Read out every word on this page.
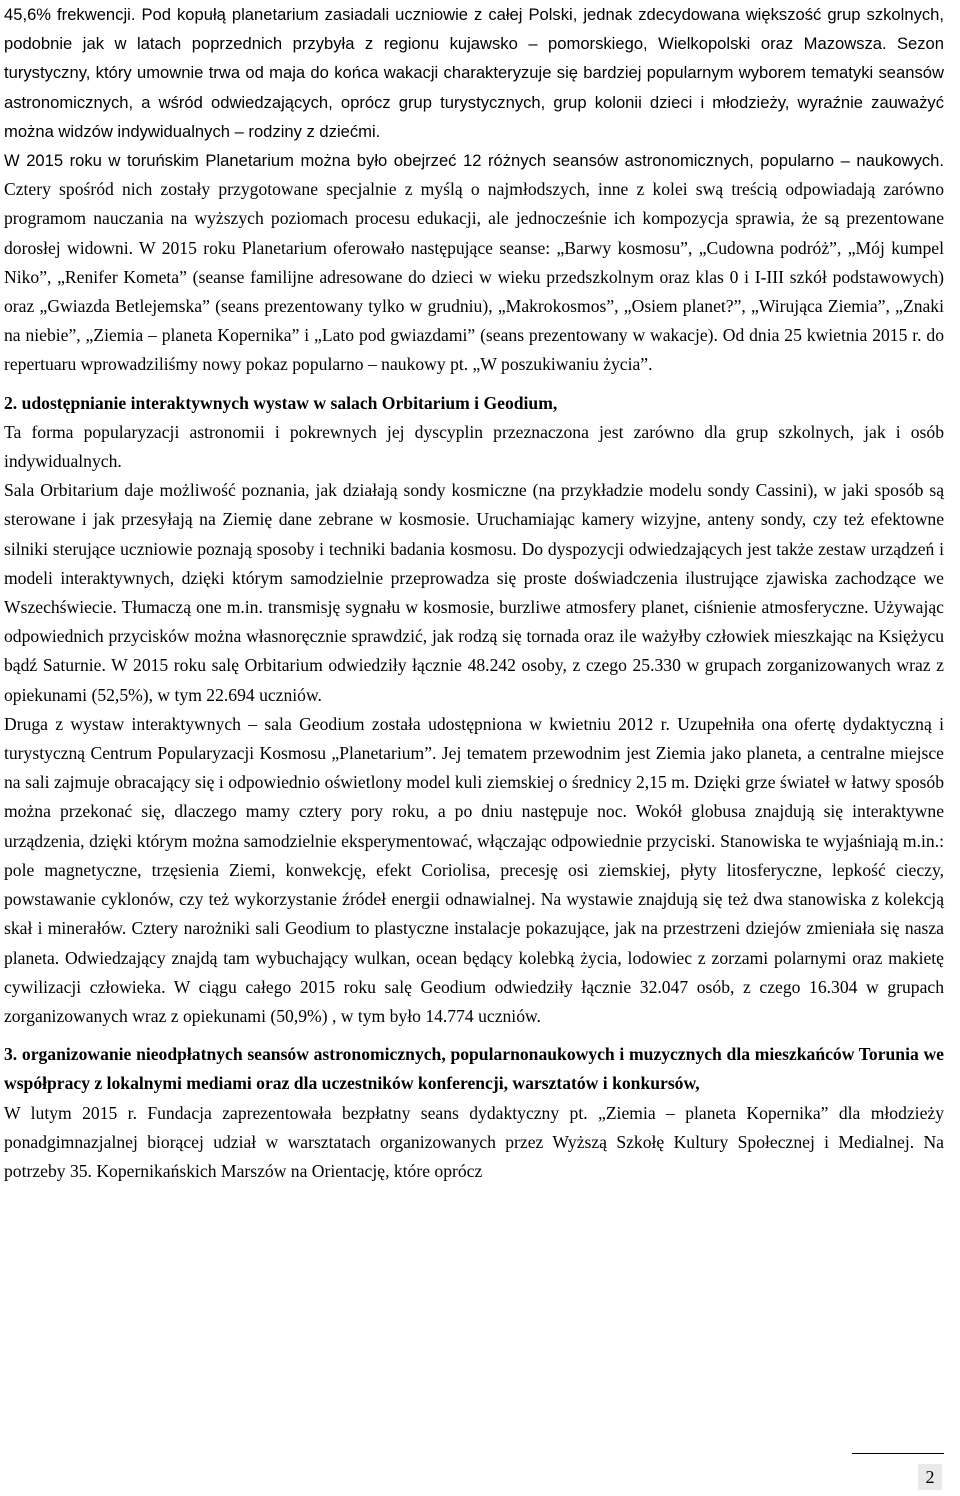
45,6% frekwencji. Pod kopułą planetarium zasiadali uczniowie z całej Polski, jednak zdecydowana większość grup szkolnych, podobnie jak w latach poprzednich przybyła z regionu kujawsko – pomorskiego, Wielkopolski oraz Mazowsza. Sezon turystyczny, który umownie trwa od maja do końca wakacji charakteryzuje się bardziej popularnym wyborem tematyki seansów astronomicznych, a wśród odwiedzających, oprócz grup turystycznych, grup kolonii dzieci i młodzieży, wyraźnie zauważyć można widzów indywidualnych – rodziny z dziećmi.

W 2015 roku w toruńskim Planetarium można było obejrzeć 12 różnych seansów astronomicznych, popularno – naukowych. Cztery spośród nich zostały przygotowane specjalnie z myślą o najmłodszych, inne z kolei swą treścią odpowiadają zarówno programom nauczania na wyższych poziomach procesu edukacji, ale jednocześnie ich kompozycja sprawia, że są prezentowane dorosłej widowni. W 2015 roku Planetarium oferowało następujące seanse: „Barwy kosmosu”, „Cudowna podróż”, „Mój kumpel Niko”, „Renifer Kometa” (seanse familijne adresowane do dzieci w wieku przedszkolnym oraz klas 0 i I-III szkół podstawowych) oraz „Gwiazda Betlejemska” (seans prezentowany tylko w grudniu), „Makrokosmos”, „Osiem planet?”, „Wirująca Ziemia”, „Znaki na niebie”, „Ziemia – planeta Kopernika” i „Lato pod gwiazdami” (seans prezentowany w wakacje). Od dnia 25 kwietnia 2015 r. do repertuaru wprowadziliśmy nowy pokaz popularno – naukowy pt. „W poszukiwaniu życia”.

2. udostępnianie interaktywnych wystaw w salach Orbitarium i Geodium,

Ta forma popularyzacji astronomii i pokrewnych jej dyscyplin przeznaczona jest zarówno dla grup szkolnych, jak i osób indywidualnych.

Sala Orbitarium daje możliwość poznania, jak działają sondy kosmiczne (na przykładzie modelu sondy Cassini), w jaki sposób są sterowane i jak przesyłają na Ziemię dane zebrane w kosmosie. Uruchamiając kamery wizyjne, anteny sondy, czy też efektowne silniki sterujące uczniowie poznają sposoby i techniki badania kosmosu. Do dyspozycji odwiedzających jest także zestaw urządzeń i modeli interaktywnych, dzięki którym samodzielnie przeprowadza się proste doświadczenia ilustrujące zjawiska zachodzące we Wszechświecie. Tłumaczą one m.in. transmisję sygnału w kosmosie, burzliwe atmosfery planet, ciśnienie atmosferyczne. Używając odpowiednich przycisków można własnoręcznie sprawdzić, jak rodzą się tornada oraz ile ważyłby człowiek mieszkając na Księżycu bądź Saturnie. W 2015 roku salę Orbitarium odwiedziły łącznie 48.242 osoby, z czego 25.330 w grupach zorganizowanych wraz z opiekunami (52,5%), w tym 22.694 uczniów.

Druga z wystaw interaktywnych – sala Geodium została udostępniona w kwietniu 2012 r. Uzupełniła ona ofertę dydaktyczną i turystyczną Centrum Popularyzacji Kosmosu „Planetarium”. Jej tematem przewodnim jest Ziemia jako planeta, a centralne miejsce na sali zajmuje obracający się i odpowiednio oświetlony model kuli ziemskiej o średnicy 2,15 m. Dzięki grze świateł w łatwy sposób można przekonać się, dlaczego mamy cztery pory roku, a po dniu następuje noc. Wokół globusa znajdują się interaktywne urządzenia, dzięki którym można samodzielnie eksperymentować, włączając odpowiednie przyciski. Stanowiska te wyjaśniają m.in.: pole magnetyczne, trzęsienia Ziemi, konwekcję, efekt Coriolisa, precesję osi ziemskiej, płyty litosferyczne, lepkość cieczy, powstawanie cyklonów, czy też wykorzystanie źródeł energii odnawialnej. Na wystawie znajdują się też dwa stanowiska z kolekcją skał i minerałów. Cztery narożniki sali Geodium to plastyczne instalacje pokazujące, jak na przestrzeni dziejów zmieniała się nasza planeta. Odwiedzający znajdą tam wybuchający wulkan, ocean będący kolebką życia, lodowiec z zorzami polarnymi oraz makietę cywilizacji człowieka. W ciągu całego 2015 roku salę Geodium odwiedziły łącznie 32.047 osób, z czego 16.304 w grupach zorganizowanych wraz z opiekunami (50,9%) , w tym było 14.774 uczniów.

3. organizowanie nieodpłatnych seansów astronomicznych, popularnonaukowych i muzycznych dla mieszkańców Torunia we współpracy z lokalnymi mediami oraz dla uczestników konferencji, warsztatów i konkursów,

W lutym 2015 r. Fundacja zaprezentowała bezpłatny seans dydaktyczny pt. „Ziemia – planeta Kopernika” dla młodzieży ponadgimnazjalnej biorącej udział w warsztatach organizowanych przez Wyższą Szkołę Kultury Społecznej i Medialnej. Na potrzeby 35. Kopernikańskich Marszów na Orientację, które oprócz

2
